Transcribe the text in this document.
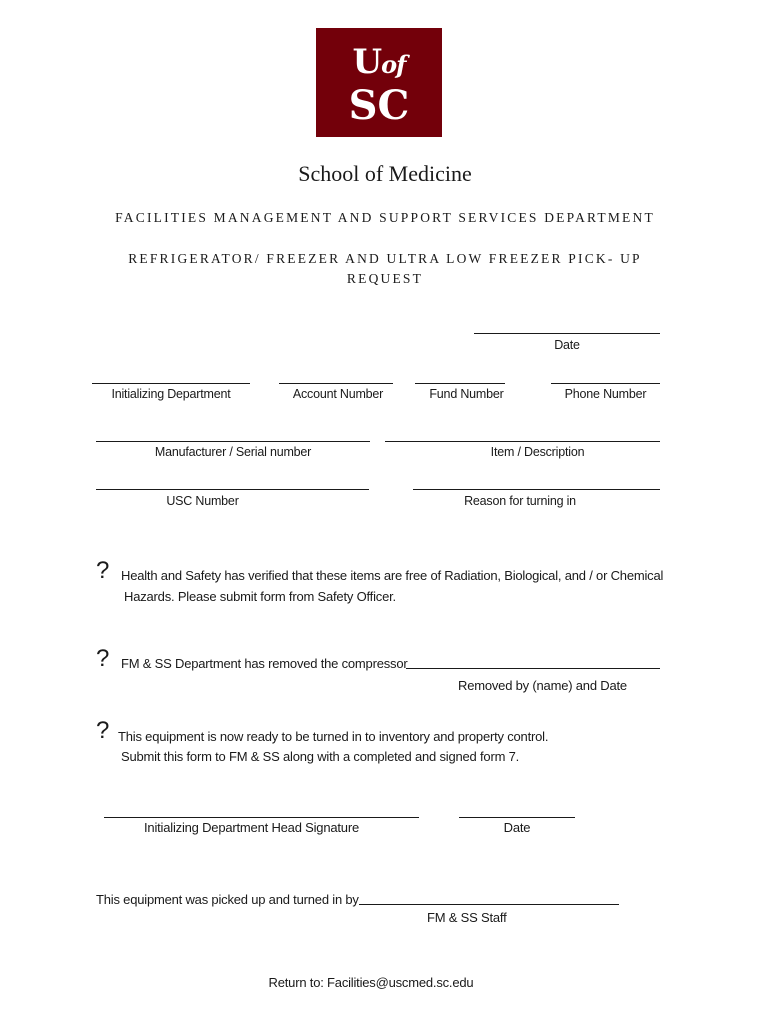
Uof
SC
School of Medicine
FACILITIES MANAGEMENT AND SUPPORT SERVICES DEPARTMENT
REFRIGERATOR/ FREEZER AND ULTRA LOW FREEZER PICK- UP
REQUEST
Date
Initializing Department	Account Number	Fund Number	Phone Number
Manufacturer / Serial number	Item / Description
USC Number	Reason for turning in
? Health and Safety has verified that these items are free of Radiation, Biological, and / or Chemical
Hazards. Please submit form from Safety Officer.
? FM & SS Department has removed the compressor
Removed by (name) and Date
? This equipment is now ready to be turned in to inventory and property control.
Submit this form to FM & SS along with a completed and signed form 7.
Initializing Department Head Signature	Date
This equipment was picked up and turned in by
FM & SS Staff
Return to: Facilities@uscmed.sc.edu
